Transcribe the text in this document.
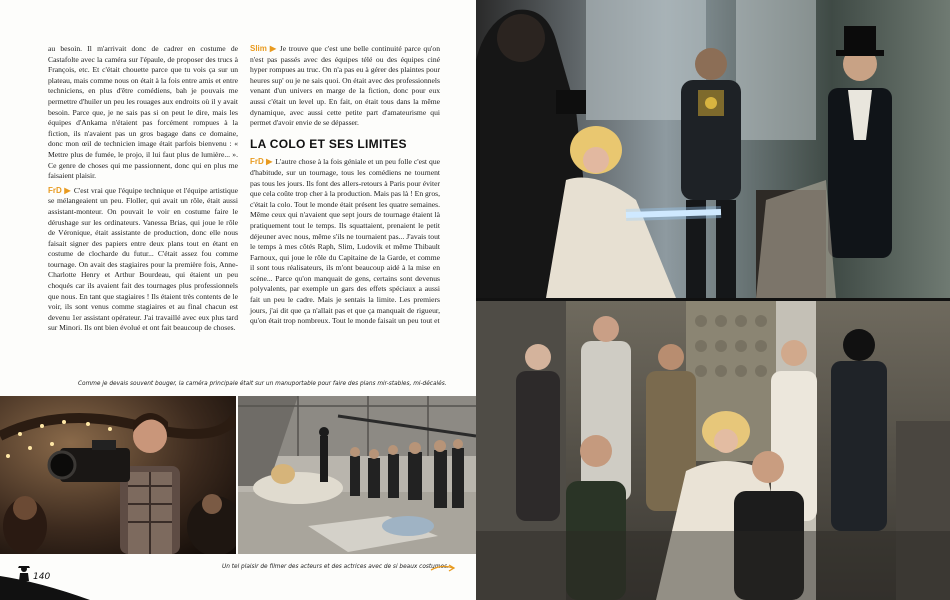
au besoin. Il m'arrivait donc de cadrer en costume de Castafolte avec la caméra sur l'épaule, de proposer des trucs à François, etc. Et c'était chouette parce que tu vois ça sur un plateau, mais comme nous on était à la fois entre amis et entre techniciens, en plus d'être comédiens, bah je pouvais me permettre d'huiler un peu les rouages aux endroits où il y avait besoin. Parce que, je ne sais pas si on peut le dire, mais les équipes d'Ankama n'étaient pas forcément rompues à la fiction, ils n'avaient pas un gros bagage dans ce domaine, donc mon œil de technicien image était parfois bienvenu : « Mettre plus de fumée, le projo, il lui faut plus de lumière... ». Ce genre de choses qui me passionnent, donc qui en plus me faisaient plaisir.

FrD ▶ C'est vrai que l'équipe technique et l'équipe artistique se mélangeaient un peu. Floller, qui avait un rôle, était aussi assistant-monteur. On pouvait le voir en costume faire le dérushage sur les ordinateurs. Vanessa Brias, qui joue le rôle de Véronique, était assistante de production, donc elle nous faisait signer des papiers entre deux plans tout en étant en costume de clocharde du futur... C'était assez fou comme tournage. On avait des stagiaires pour la première fois, Anne-Charlotte Henry et Arthur Bourdeau, qui étaient un peu choqués car ils avaient fait des tournages plus professionnels que nous. En tant que stagiaires ! Ils étaient très contents de le voir, ils sont venus comme stagiaires et au final chacun est devenu 1er assistant opérateur. J'ai travaillé avec eux plus tard sur Minori. Ils ont bien évolué et ont fait beaucoup de choses.

Slim ▶ Je trouve que c'est une belle continuité parce qu'on n'est pas passés avec des équipes télé ou des équipes ciné hyper rompues au truc. On n'a pas eu à gérer des plaintes pour heures sup' ou je ne sais quoi. On était avec des professionnels venant d'un univers en marge de la fiction, donc pour eux aussi c'était un level up. En fait, on était tous dans la même dynamique, avec aussi cette petite part d'amateurisme qui permet d'avoir envie de se dépasser.

LA COLO ET SES LIMITES

FrD ▶ L'autre chose à la fois géniale et un peu folle c'est que d'habitude, sur un tournage, tous les comédiens ne tournent pas tous les jours. Ils font des allers-retours à Paris pour éviter que cela coûte trop cher à la production. Mais pas là ! En gros, c'était la colo. Tout le monde était présent les quatre semaines. Même ceux qui n'avaient que sept jours de tournage étaient là pratiquement tout le temps. Ils squattaient, prenaient le petit déjeuner avec nous, même s'ils ne tournaient pas... J'avais tout le temps à mes côtés Raph, Slim, Ludovik et même Thibault Farnoux, qui joue le rôle du Capitaine de la Garde, et comme il sont tous réalisateurs, ils m'ont beaucoup aidé à la mise en scène... Parce qu'on manquait de gens, certains sont devenus polyvalents, par exemple un gars des effets spéciaux a aussi fait un peu le cadre. Mais je sentais la limite. Les premiers jours, j'ai dit que ça n'allait pas et que ça manquait de rigueur, qu'on était trop nombreux. Tout le monde faisait un peu tout et

Comme je devais souvent bouger, la caméra principale était sur un manuportable pour faire des plans mir-stables, mi-décalés.
Un tel plaisir de filmer des acteurs et des actrices avec de si beaux costumes.
140
